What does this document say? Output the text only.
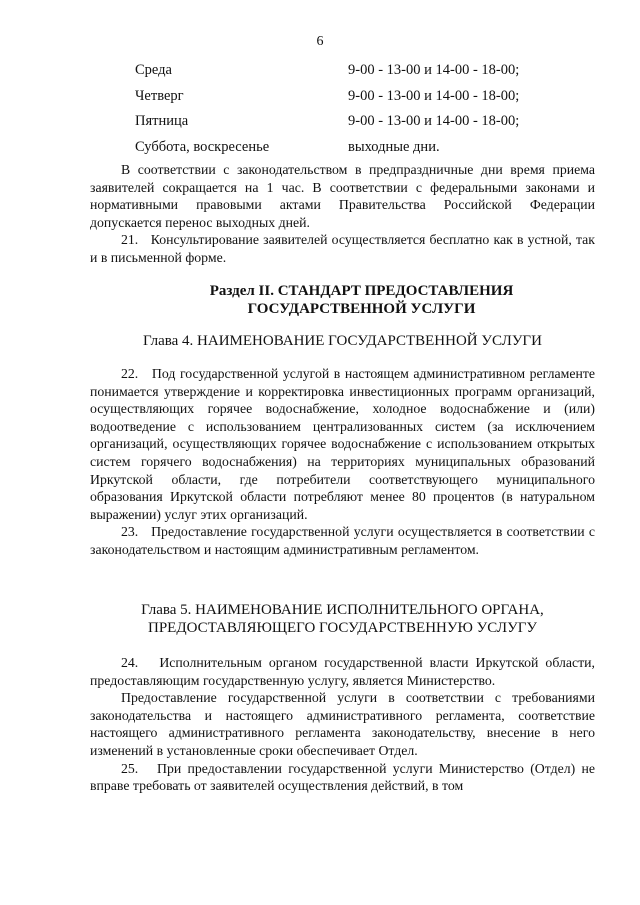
6
Среда	9-00 - 13-00 и 14-00 - 18-00;
Четверг	9-00 - 13-00 и 14-00 - 18-00;
Пятница	9-00 - 13-00 и 14-00 - 18-00;
Суббота, воскресенье	выходные дни.

В соответствии с законодательством в предпраздничные дни время приема заявителей сокращается на 1 час. В соответствии с федеральными законами и нормативными правовыми актами Правительства Российской Федерации допускается перенос выходных дней.

21.   Консультирование заявителей осуществляется бесплатно как в устной, так и в письменной форме.

Раздел II. СТАНДАРТ ПРЕДОСТАВЛЕНИЯ

ГОСУДАРСТВЕННОЙ УСЛУГИ

Глава 4. НАИМЕНОВАНИЕ ГОСУДАРСТВЕННОЙ УСЛУГИ

22.   Под государственной услугой в настоящем административном регламенте понимается утверждение и корректировка инвестиционных программ организаций, осуществляющих горячее водоснабжение, холодное водоснабжение и (или) водоотведение с использованием централизованных систем (за исключением организаций, осуществляющих горячее водоснабжение с использованием открытых систем горячего водоснабжения) на территориях муниципальных образований Иркутской области, где потребители соответствующего муниципального образования Иркутской области потребляют менее 80 процентов (в натуральном выражении) услуг этих организаций.

23.   Предоставление государственной услуги осуществляется в соответствии с законодательством и настоящим административным регламентом.

Глава 5. НАИМЕНОВАНИЕ ИСПОЛНИТЕЛЬНОГО ОРГАНА,

ПРЕДОСТАВЛЯЮЩЕГО ГОСУДАРСТВЕННУЮ УСЛУГУ

24.   Исполнительным органом государственной власти Иркутской области, предоставляющим государственную услугу, является Министерство.

Предоставление государственной услуги в соответствии с требованиями законодательства и настоящего административного регламента, соответствие настоящего административного регламента законодательству, внесение в него изменений в установленные сроки обеспечивает Отдел.

25.   При предоставлении государственной услуги Министерство (Отдел) не вправе требовать от заявителей осуществления действий, в том
